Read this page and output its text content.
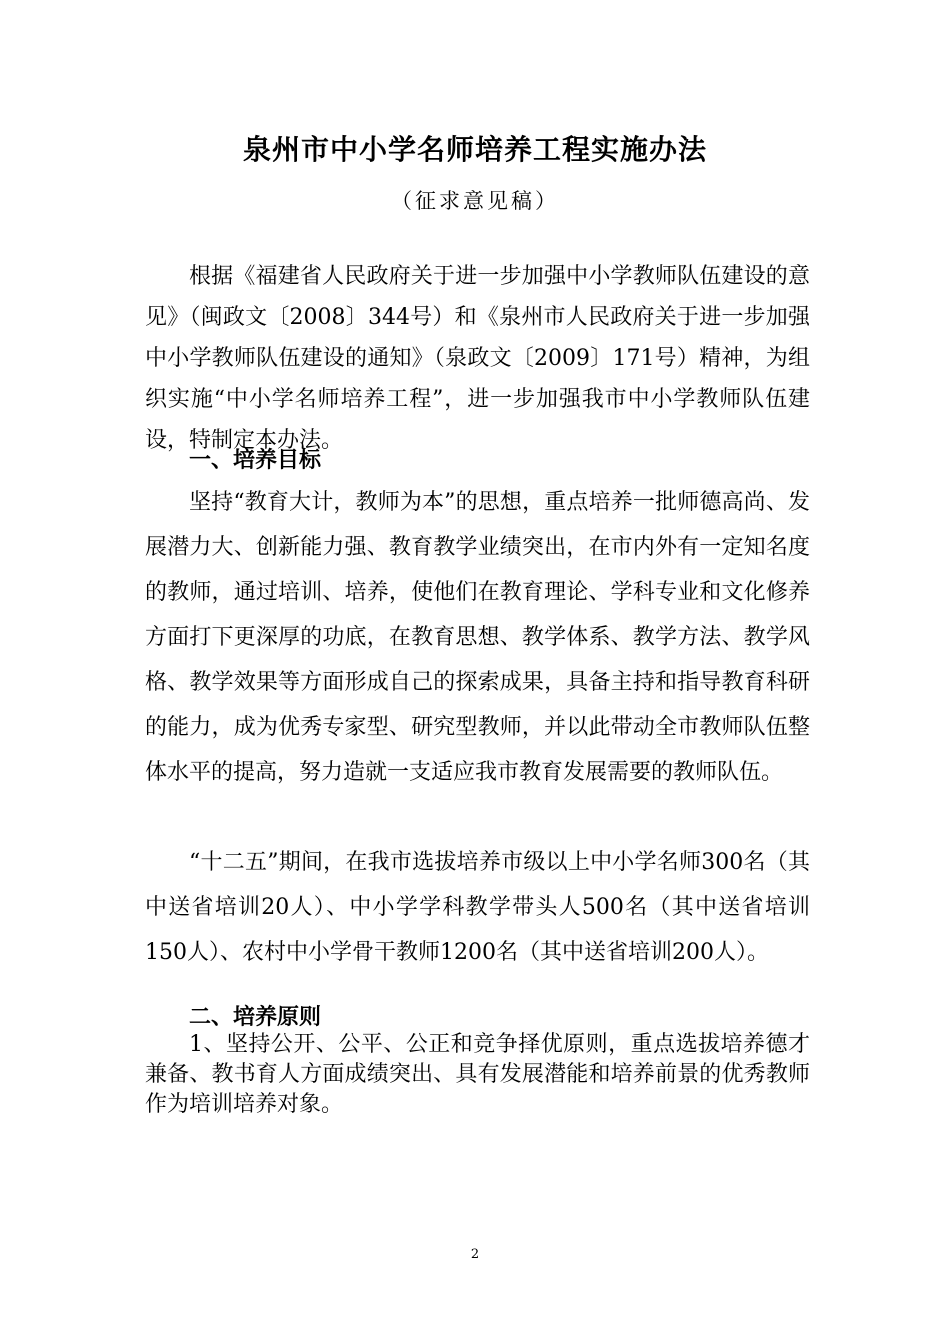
泉州市中小学名师培养工程实施办法
（征求意见稿）

根据《福建省人民政府关于进一步加强中小学教师队伍建设的意见》（闽政文〔2008〕344号）和《泉州市人民政府关于进一步加强中小学教师队伍建设的通知》（泉政文〔2009〕171号）精神，为组织实施“中小学名师培养工程”，进一步加强我市中小学教师队伍建设，特制定本办法。

一、培养目标

坚持“教育大计，教师为本”的思想，重点培养一批师德高尚、发展潜力大、创新能力强、教育教学业绩突出，在市内外有一定知名度的教师，通过培训、培养，使他们在教育理论、学科专业和文化修养方面打下更深厚的功底，在教育思想、教学体系、教学方法、教学风格、教学效果等方面形成自己的探索成果，具备主持和指导教育科研的能力，成为优秀专家型、研究型教师，并以此带动全市教师队伍整体水平的提高，努力造就一支适应我市教育发展需要的教师队伍。

“十二五”期间，在我市选拔培养市级以上中小学名师300名（其中送省培训20人）、中小学学科教学带头人500名（其中送省培训150人）、农村中小学骨干教师1200名（其中送省培训200人）。

二、培养原则

1、坚持公开、公平、公正和竞争择优原则，重点选拔培养德才兼备、教书育人方面成绩突出、具有发展潜能和培养前景的优秀教师作为培训培养对象。

2
